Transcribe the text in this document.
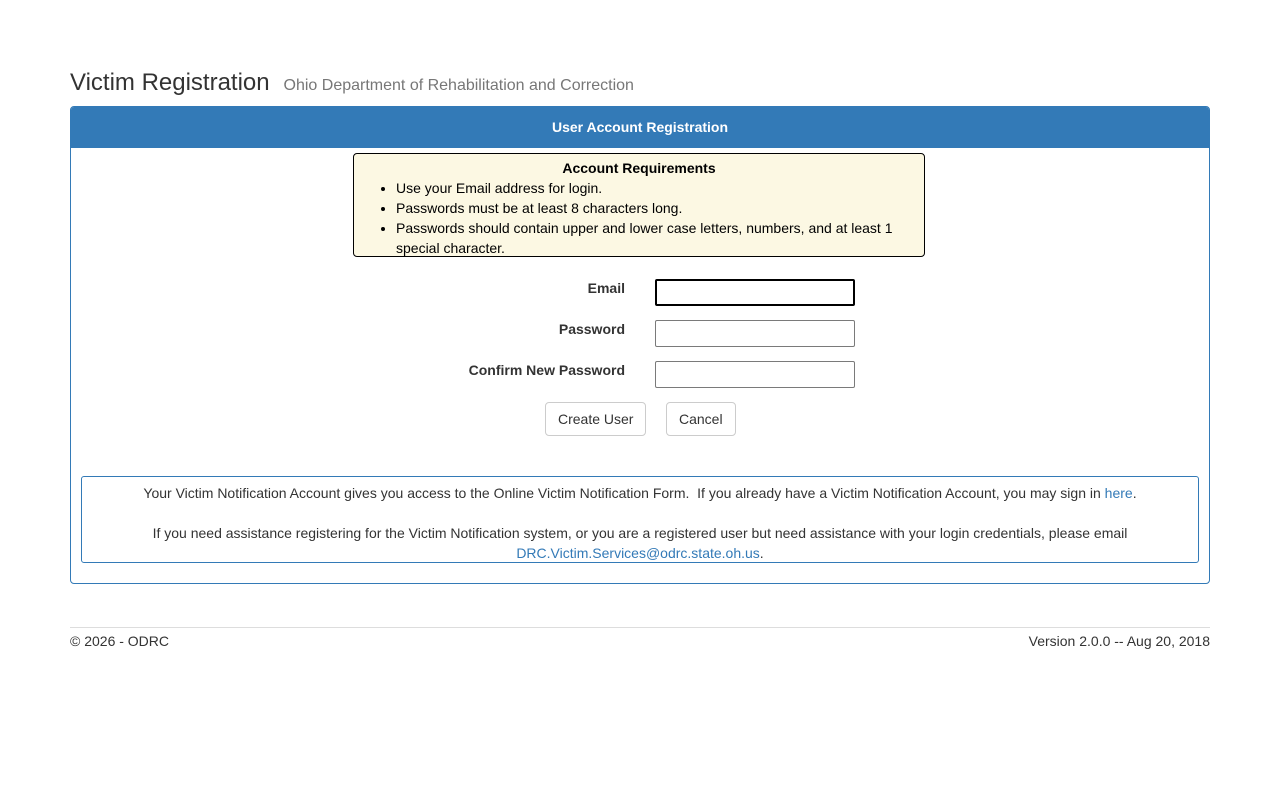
Victim Registration Ohio Department of Rehabilitation and Correction
User Account Registration
Account Requirements
• Use your Email address for login.
• Passwords must be at least 8 characters long.
• Passwords should contain upper and lower case letters, numbers, and at least 1 special character.
Email
Password
Confirm New Password
Create User	Cancel
Your Victim Notification Account gives you access to the Online Victim Notification Form.  If you already have a Victim Notification Account, you may sign in here.
If you need assistance registering for the Victim Notification system, or you are a registered user but need assistance with your login credentials, please email
DRC.Victim.Services@odrc.state.oh.us.
© 2026 - ODRC	Version 2.0.0 -- Aug 20, 2018
